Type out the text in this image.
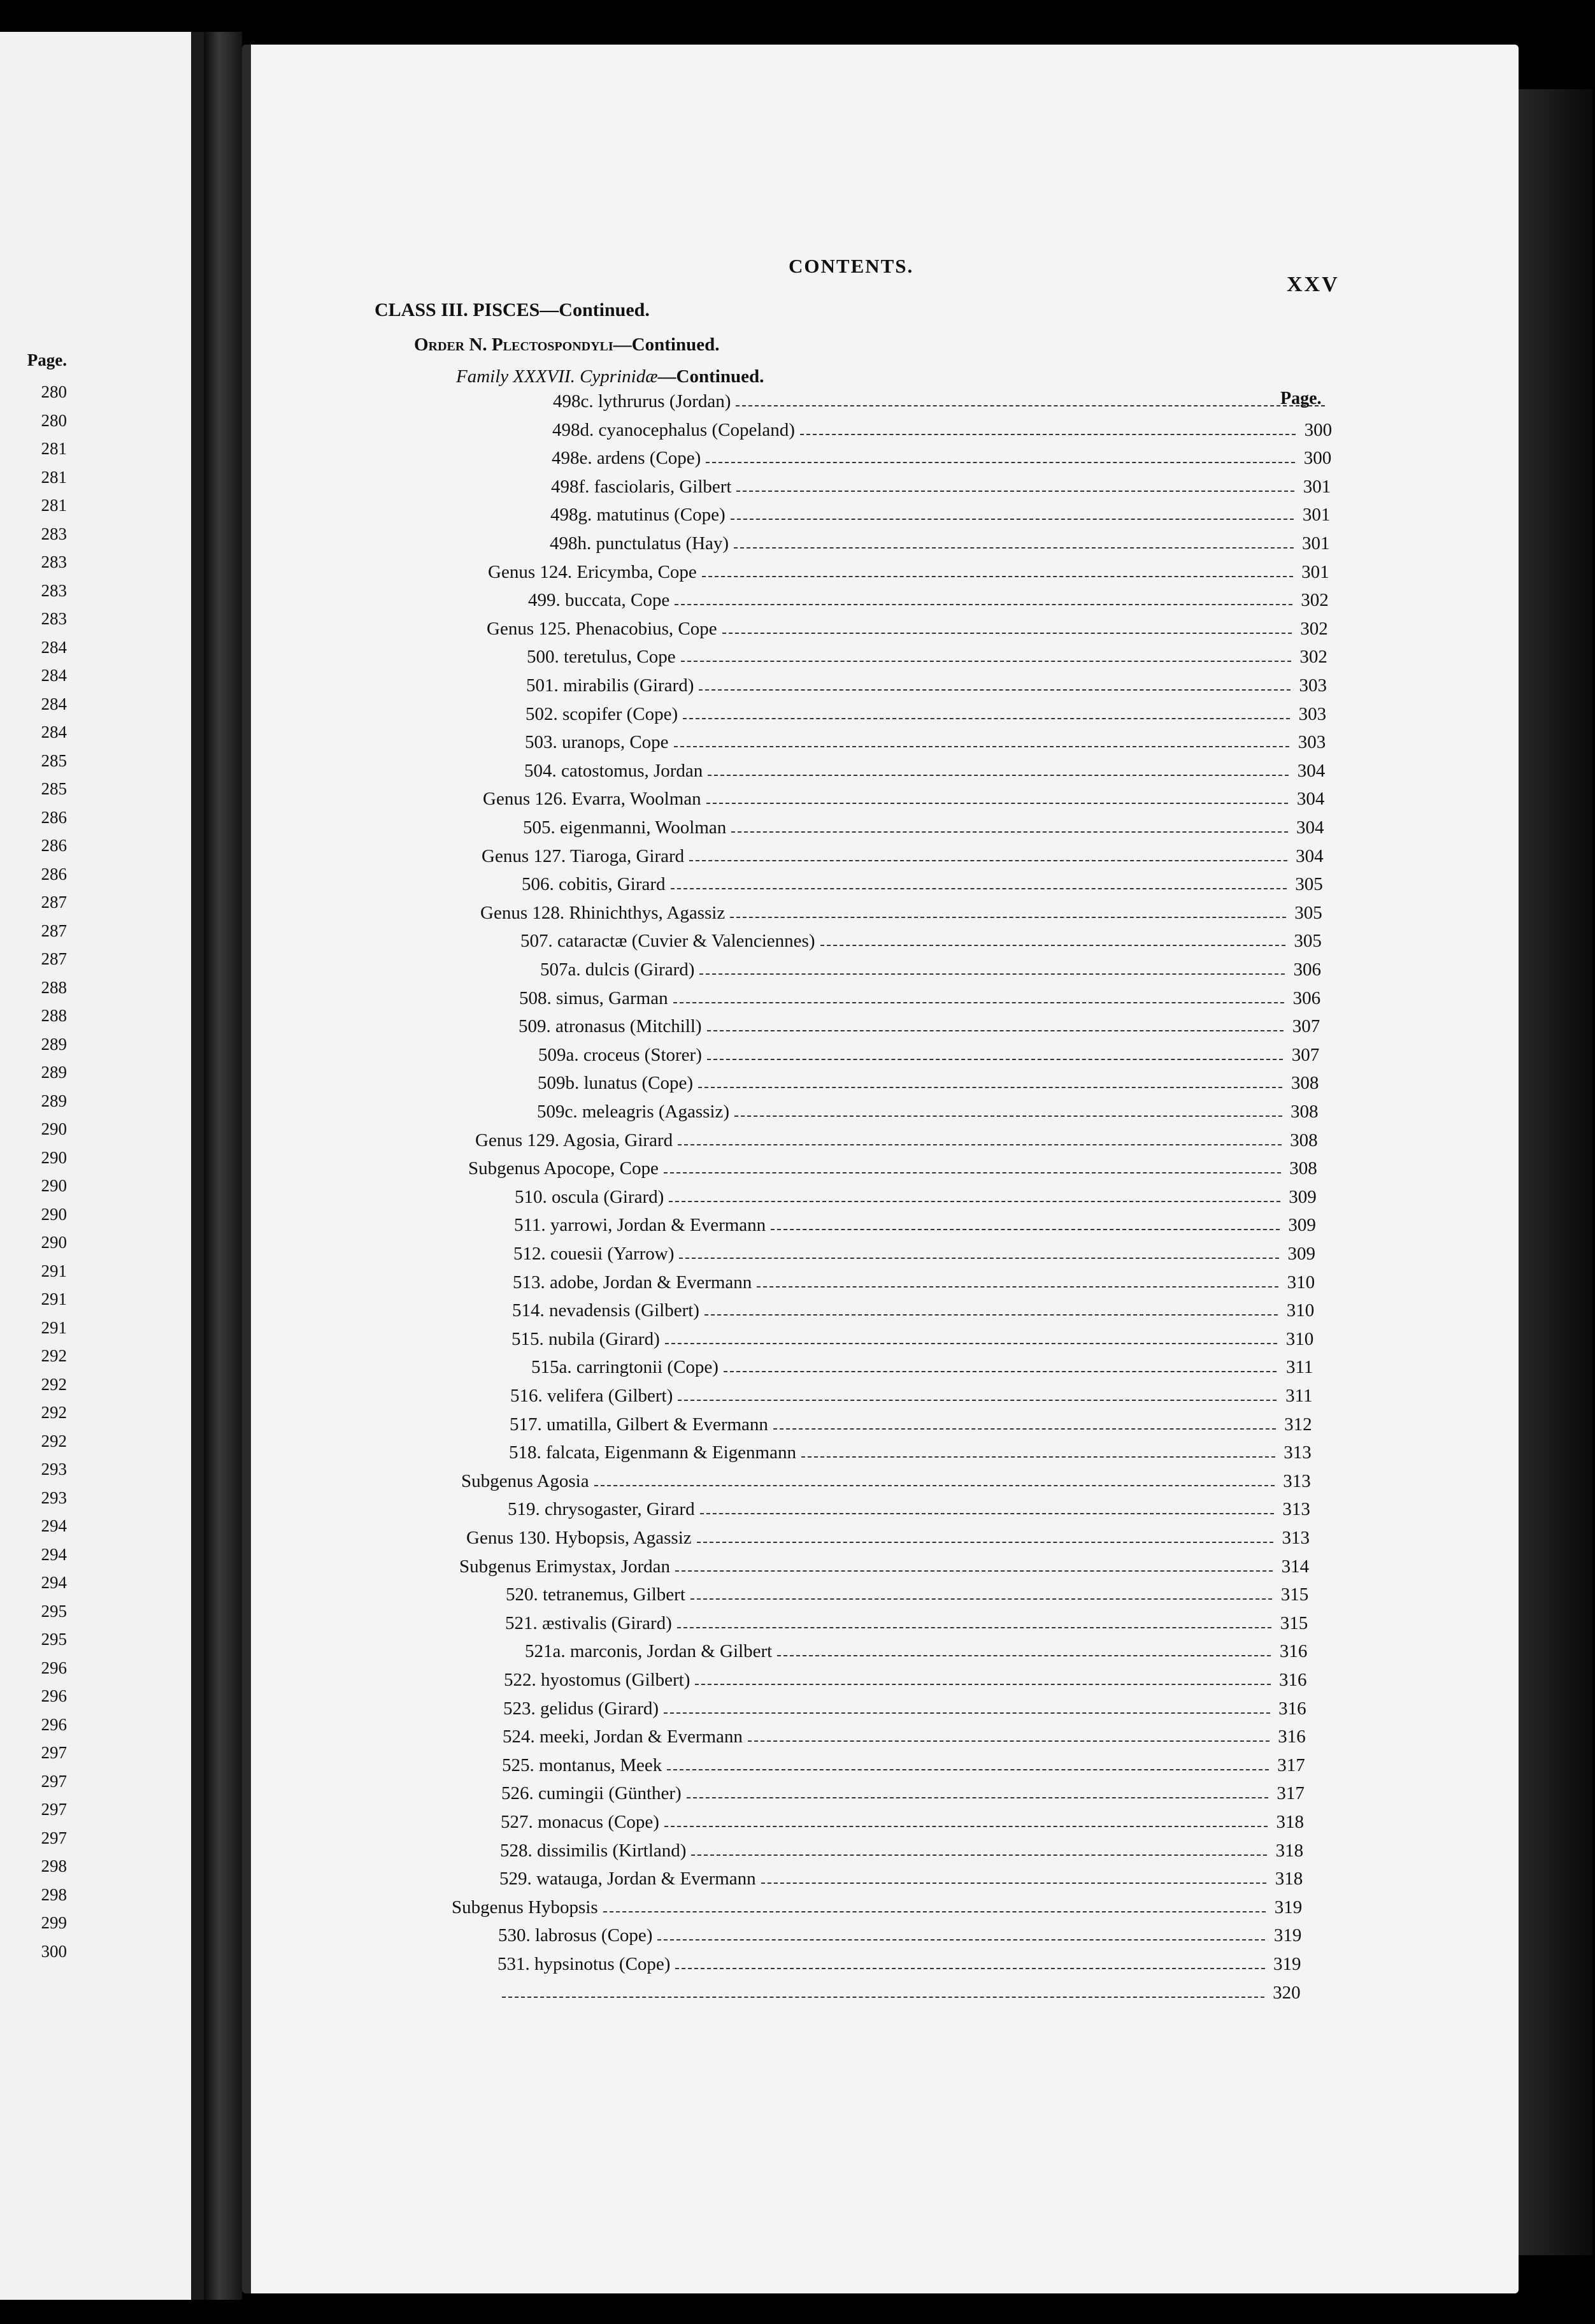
Page.
280
280
281
281
281
283
283
283
283
284
284
284
284
285
285
286
286
286
287
287
287
288
288
289
289
289
290
290
290
290
290
291
291
291
292
292
292
292
293
293
294
294
294
295
295
296
296
296
297
297
297
297
298
298
299
300
CONTENTS.
XXV
CLASS III. PISCES—Continued.
Order N. Plectospondyli—Continued.
Family XXXVII. Cyprinidæ—Continued.
Page.
498c. lythrurus (Jordan)
498d. cyanocephalus (Copeland)	300
498e. ardens (Cope)	300
498f. fasciolaris, Gilbert	301
498g. matutinus (Cope)	301
498h. punctulatus (Hay)	301
Genus 124. Ericymba, Cope	301
499. buccata, Cope	302
Genus 125. Phenacobius, Cope	302
500. teretulus, Cope	302
501. mirabilis (Girard)	303
502. scopifer (Cope)	303
503. uranops, Cope	303
504. catostomus, Jordan	304
Genus 126. Evarra, Woolman	304
505. eigenmanni, Woolman	304
Genus 127. Tiaroga, Girard	304
506. cobitis, Girard	305
Genus 128. Rhinichthys, Agassiz	305
507. cataractæ (Cuvier & Valenciennes)	305
507a. dulcis (Girard)	306
508. simus, Garman	306
509. atronasus (Mitchill)	307
509a. croceus (Storer)	307
509b. lunatus (Cope)	308
509c. meleagris (Agassiz)	308
Genus 129. Agosia, Girard	308
Subgenus Apocope, Cope	308
510. oscula (Girard)	309
511. yarrowi, Jordan & Evermann	309
512. couesii (Yarrow)	309
513. adobe, Jordan & Evermann	310
514. nevadensis (Gilbert)	310
515. nubila (Girard)	310
515a. carringtonii (Cope)	311
516. velifera (Gilbert)	311
517. umatilla, Gilbert & Evermann	312
518. falcata, Eigenmann & Eigenmann	313
Subgenus Agosia	313
519. chrysogaster, Girard	313
Genus 130. Hybopsis, Agassiz	313
Subgenus Erimystax, Jordan	314
520. tetranemus, Gilbert	315
521. æstivalis (Girard)	315
521a. marconis, Jordan & Gilbert	316
522. hyostomus (Gilbert)	316
523. gelidus (Girard)	316
524. meeki, Jordan & Evermann	316
525. montanus, Meek	317
526. cumingii (Günther)	317
527. monacus (Cope)	318
528. dissimilis (Kirtland)	318
529. watauga, Jordan & Evermann	318
Subgenus Hybopsis	319
530. labrosus (Cope)	319
531. hypsinotus (Cope)	319
320
